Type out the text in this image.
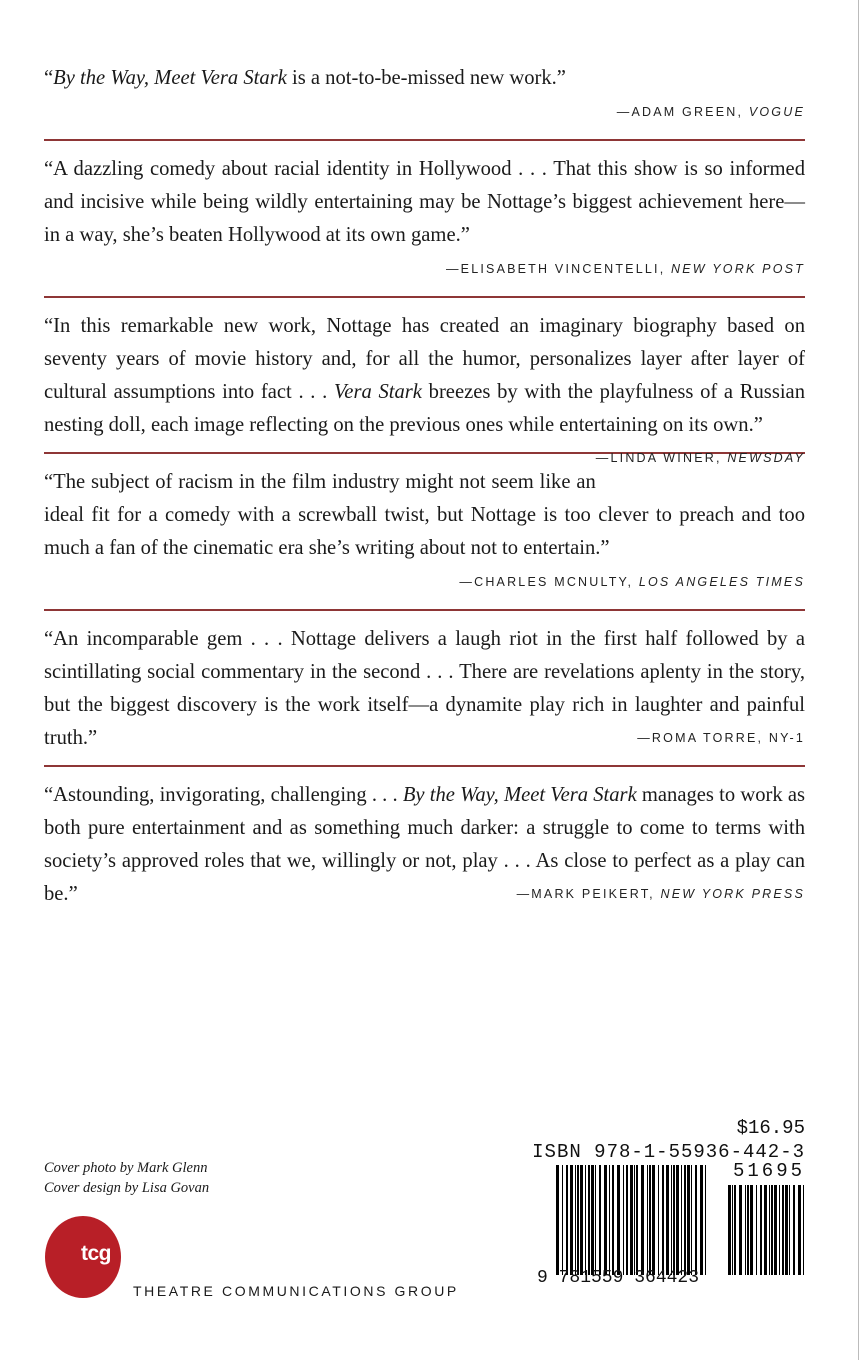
“By the Way, Meet Vera Stark is a not-to-be-missed new work.”

—ADAM GREEN, VOGUE

“A dazzling comedy about racial identity in Hollywood . . . That this show is so informed and incisive while being wildly entertaining may be Nottage’s biggest achievement here—in a way, she’s beaten Hollywood at its own game.”

—ELISABETH VINCENTELLI, NEW YORK POST

“In this remarkable new work, Nottage has created an imaginary biography based on seventy years of movie history and, for all the humor, personalizes layer after layer of cultural assumptions into fact . . . Vera Stark breezes by with the playfulness of a Russian nesting doll, each image reflecting on the previous ones while entertaining on its own.”
—LINDA WINER, NEWSDAY

“The subject of racism in the film industry might not seem like an ideal fit for a comedy with a screwball twist, but Nottage is too clever to preach and too much a fan of the cinematic era she’s writing about not to entertain.”

—CHARLES MCNULTY, LOS ANGELES TIMES

“An incomparable gem . . . Nottage delivers a laugh riot in the first half followed by a scintillating social commentary in the second . . . There are revelations aplenty in the story, but the biggest discovery is the work itself—a dynamite play rich in laughter and painful truth.”	—ROMA TORRE, NY-1

“Astounding, invigorating, challenging . . . By the Way, Meet Vera Stark manages to work as both pure entertainment and as something much darker: a struggle to come to terms with society’s approved roles that we, willingly or not, play . . . As close to perfect as a play can be.”	—MARK PEIKERT, NEW YORK PRESS

Cover photo by Mark Glenn
Cover design by Lisa Govan
tcg
THEATRE COMMUNICATIONS GROUP
$16.95
ISBN 978-1-55936-442-3
51695
9 781559 364423
